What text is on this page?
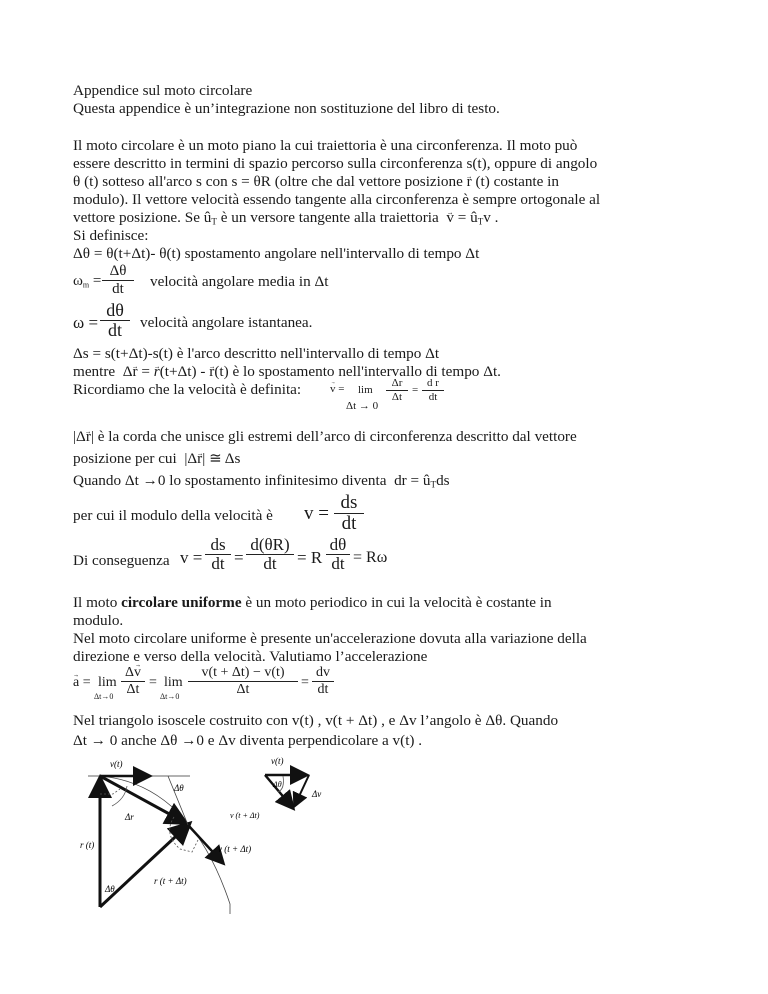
Appendice sul moto circolare
Questa appendice è un’integrazione non sostituzione del libro di testo.
Il moto circolare è un moto piano la cui traiettoria è una circonferenza. Il moto può
essere descritto in termini di spazio percorso sulla circonferenza s(t), oppure di angolo
θ (t) sotteso all'arco s con s = θR (oltre che dal vettore posizione → r (t) costante in
modulo). Il vettore velocità essendo tangente alla circonferenza è sempre ortogonale al
vettore posizione. Se $û_T$ è un versore tangente alla traiettoria → $v = û_Tv$ .
Si definisce:
Δθ = θ(t+Δt)- θ(t) spostamento angolare nell'intervallo di tempo Δt
$\omega_m = \frac{\Delta\theta}{dt}$ velocità angolare media in Δt
$\omega = \frac{d\theta}{dt}$ velocità angolare istantanea.
Δs = s(t+Δt)-s(t) è l'arco descritto nell'intervallo di tempo Δt
mentre  Δ→ r = → r(t+Δt) - → r(t) è lo spostamento nell'intervallo di tempo Δt.
Ricordiamo che la velocità è definita:	→ v = lim
Δt → 0
$\frac{\Delta r}{\Delta t} = \frac{\text{d r}}{dt}$
|Δ→ r| è la corda che unisce gli estremi dell’arco di circonferenza descritto dal vettore
posizione per cui  |Δ→ r| ≅ Δs
Quando Δt →0 lo spostamento infinitesimo diventa dr = $û_Tds$
per cui il modulo della velocità è $v = \frac{ds}{dt}$
Di conseguenza $v = \frac{ds}{dt} = \frac{d(\theta R)}{dt} = R \frac{d\theta}{dt} = R\omega$
Il moto circolare uniforme è un moto periodico in cui la velocità è costante in
modulo.
Nel moto circolare uniforme è presente un'accelerazione dovuta alla variazione della
direzione e verso della velocità. Valutiamo l’accelerazione
→ a = lim
$\Delta t\to 0 \frac{\Delta\to v}{\Delta t} = \lim$
$\Delta t\to 0 \frac{v(t + \Delta t) - v(t)}{\Delta t} = \frac{dv}{dt}$
Nel triangolo isoscele costruito con v(t) , v(t + Δt) , e Δv l’angolo è Δθ. Quando
Δt → 0 anche Δθ →0 e Δv diventa perpendicolare a v(t) .
v(t)
Δθ
Δr
v (t + Δt)
r (t)
r (t + Δt)
Δθ
v(t)
Δθ
v (t + Δt)
Δv
